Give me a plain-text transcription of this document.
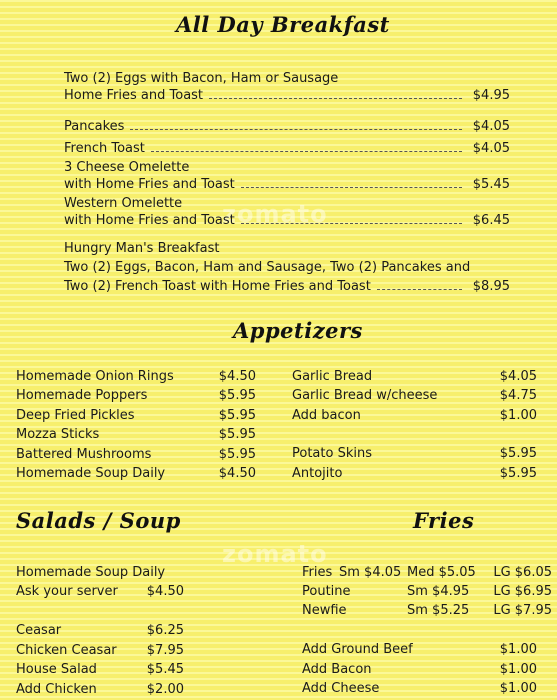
zomato
zomato
All Day Breakfast
Two (2) Eggs with Bacon, Ham or Sausage
Home Fries and Toast	$4.95
Pancakes	$4.05
French Toast	$4.05
3 Cheese Omelette
with Home Fries and Toast	$5.45
Western Omelette
with Home Fries and Toast	$6.45
Hungry Man's Breakfast
Two (2) Eggs, Bacon, Ham and Sausage, Two (2) Pancakes and
Two (2) French Toast with Home Fries and Toast	$8.95
Appetizers
Homemade Onion Rings	$4.50
Homemade Poppers	$5.95
Deep Fried Pickles	$5.95
Mozza Sticks	$5.95
Battered Mushrooms	$5.95
Homemade Soup Daily	$4.50
Garlic Bread	$4.05
Garlic Bread w/cheese	$4.75
Add bacon	$1.00
Potato Skins	$5.95
Antojito	$5.95
Salads / Soup
Homemade Soup Daily
Ask your server	$4.50
Ceasar	$6.25
Chicken Ceasar	$7.95
House Salad	$5.45
Add Chicken	$2.00
Fries
Fries Sm $4.05 Med $5.05 LG $6.05
Poutine	Sm $4.95 LG $6.95
Newfie	Sm $5.25 LG $7.95
Add Ground Beef	$1.00
Add Bacon	$1.00
Add Cheese	$1.00
